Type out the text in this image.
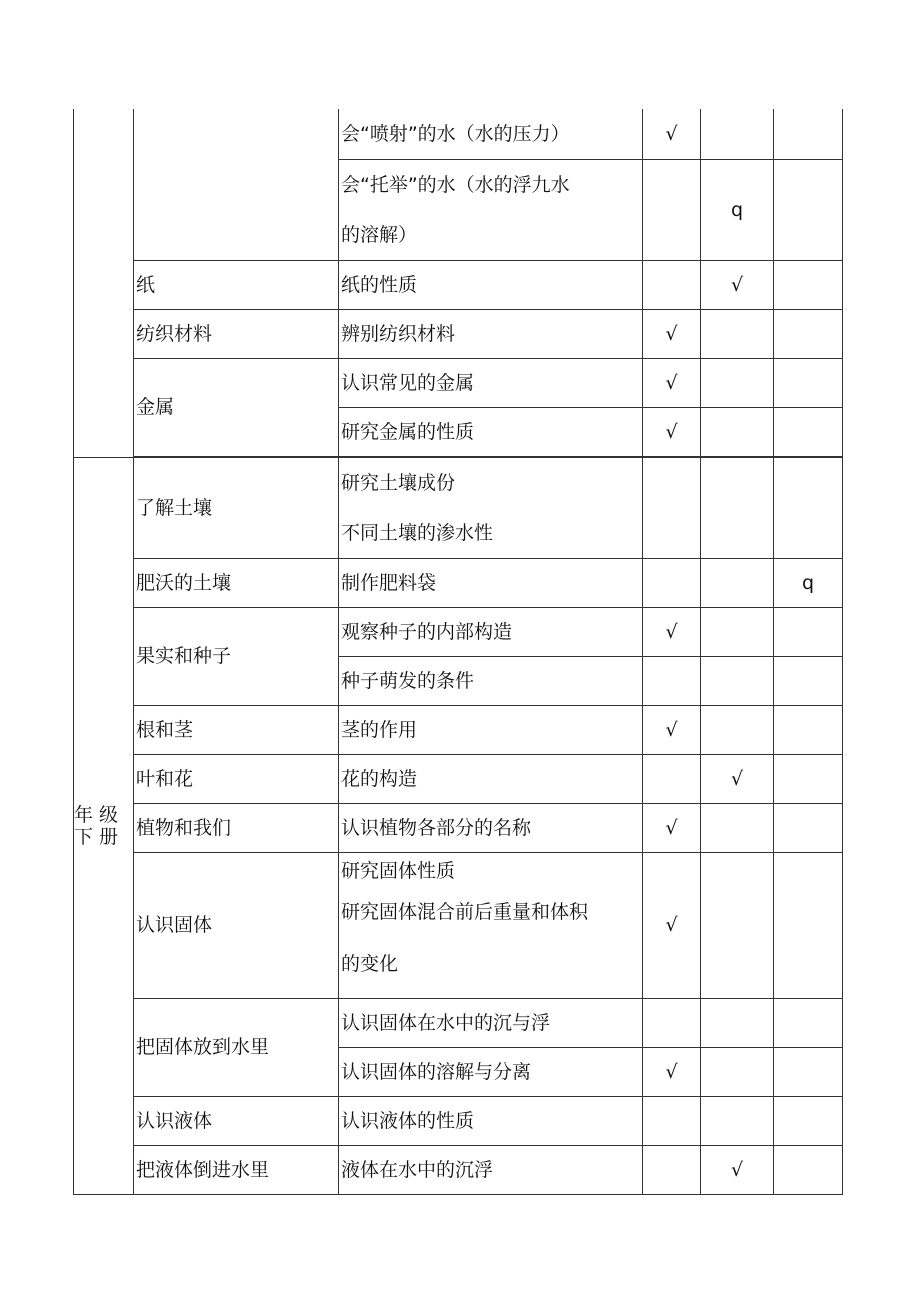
		会“喷射”的水（水的压力）	√		

		会“托举”的水（水的浮九水
的溶解）		q	

	纸	纸的性质		√	

	纺织材料	辨别纺织材料	√		

	金属	认识常见的金属	√		

		研究金属的性质	√		

年 级
下 册	了解土壤	研究土壤成份
不同土壤的渗水性			

	肥沃的土壤	制作肥料袋			q

	果实和种子	观察种子的内部构造	√		

		种子萌发的条件			

	根和茎	茎的作用	√		

	叶和花	花的构造		√	

	植物和我们	认识植物各部分的名称	√		

	认识固体	研究固体性质
研究固体混合前后重量和体积
的变化	√		

	把固体放到水里	认识固体在水中的沉与浮			

		认识固体的溶解与分离	√		

	认识液体	认识液体的性质			

	把液体倒进水里	液体在水中的沉浮		√	
